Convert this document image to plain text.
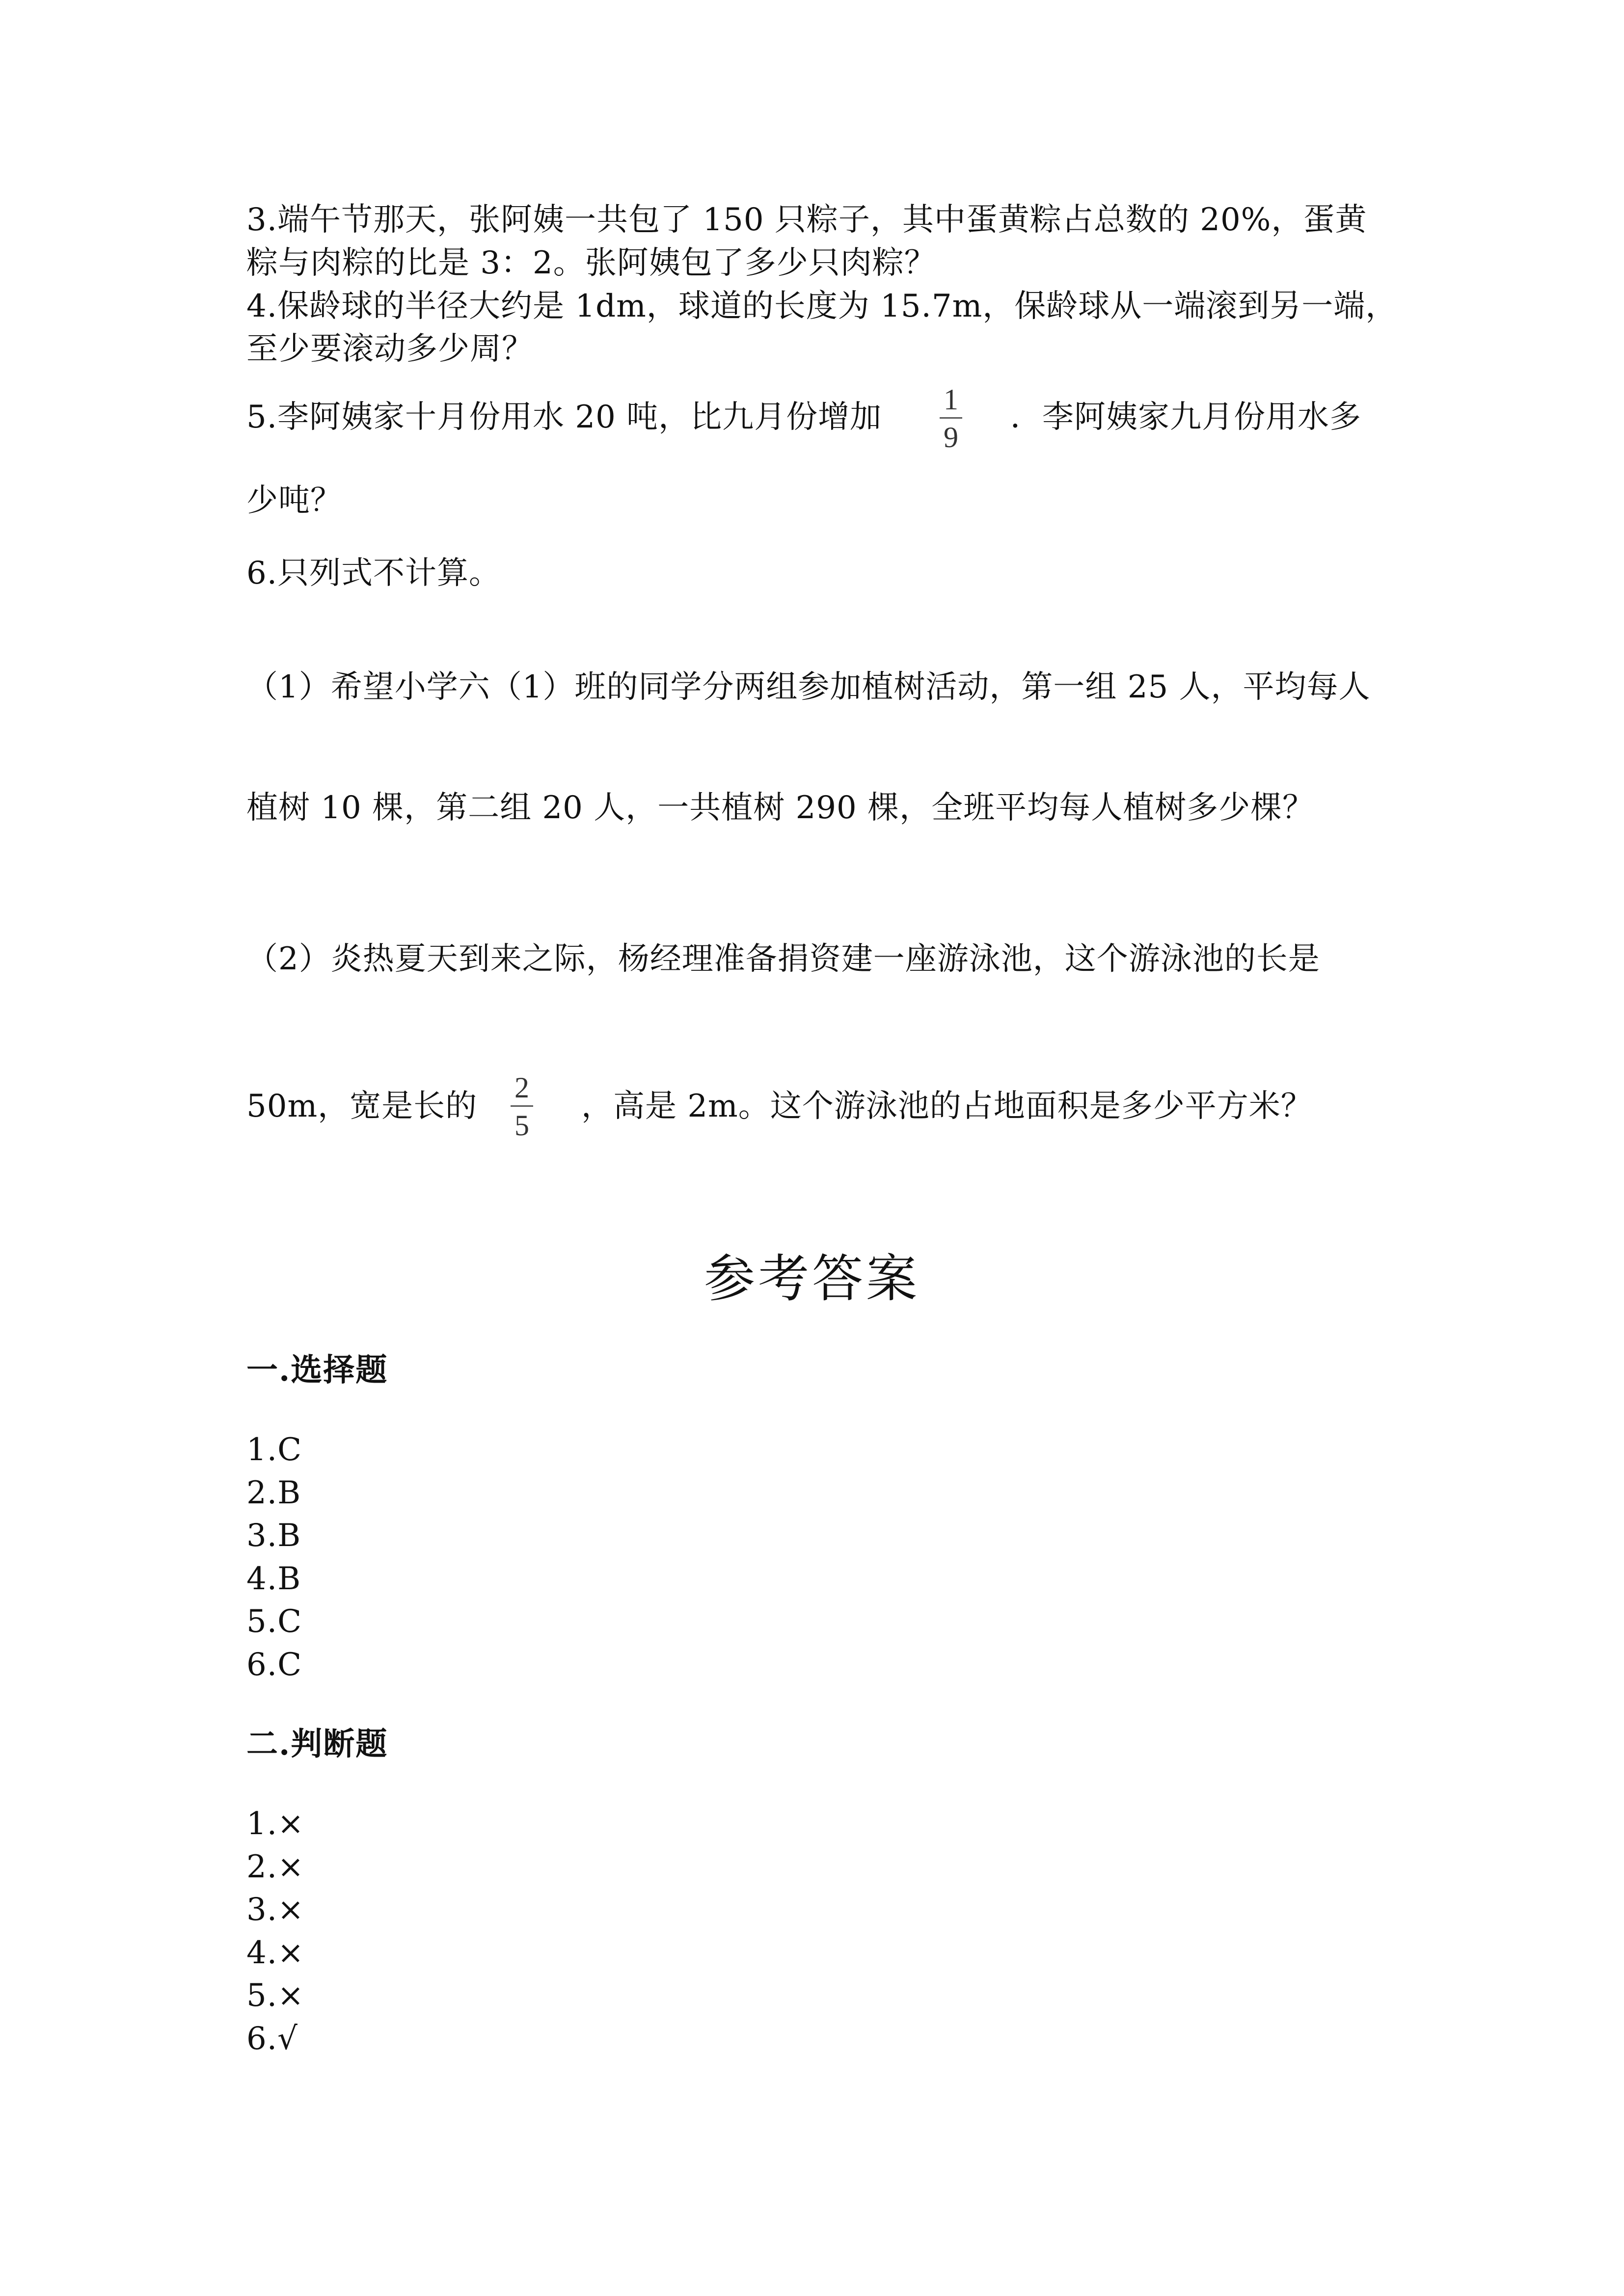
3.端午节那天，张阿姨一共包了 150 只粽子，其中蛋黄粽占总数的 20%，蛋黄
粽与肉粽的比是 3：2。张阿姨包了多少只肉粽？
4.保龄球的半径大约是 1dm，球道的长度为 15.7m，保龄球从一端滚到另一端，
至少要滚动多少周？
5.李阿姨家十月份用水 20 吨，比九月份增加 1
9
．李阿姨家九月份用水多
少吨？
6.只列式不计算。
（1）希望小学六（1）班的同学分两组参加植树活动，第一组 25 人，平均每人
植树 10 棵，第二组 20 人，一共植树 290 棵，全班平均每人植树多少棵？
（2）炎热夏天到来之际，杨经理准备捐资建一座游泳池，这个游泳池的长是
50m，宽是长的
2
5
，高是 2m。这个游泳池的占地面积是多少平方米？
参考答案
一.选择题
1.C
2.B
3.B
4.B
5.C
6.C
二.判断题
1.×
2.×
3.×
4.×
5.×
6.√
